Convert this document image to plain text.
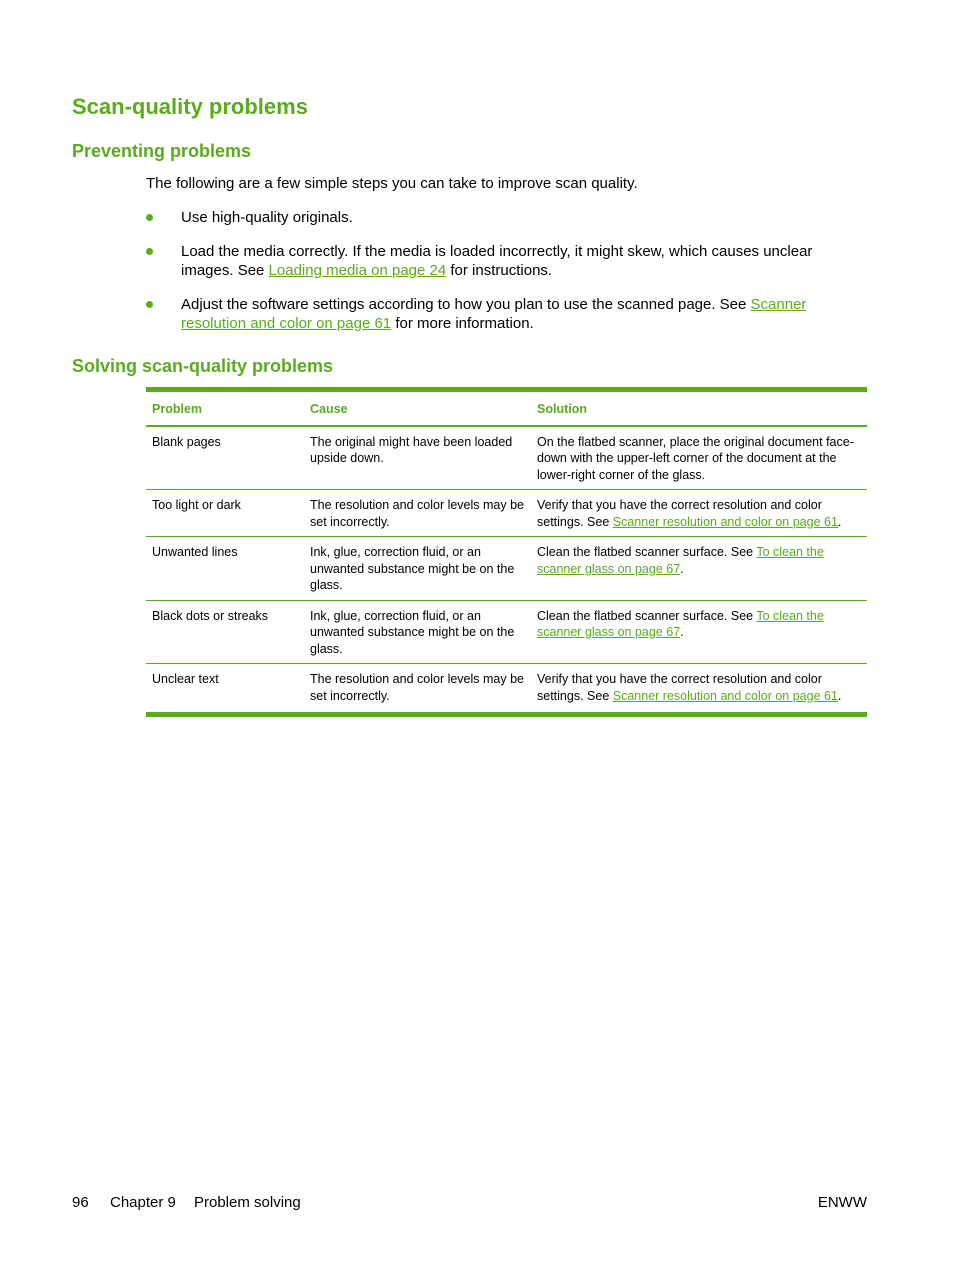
Scan-quality problems
Preventing problems

The following are a few simple steps you can take to improve scan quality.

Use high-quality originals.
Load the media correctly. If the media is loaded incorrectly, it might skew, which causes unclear images. See Loading media on page 24 for instructions.
Adjust the software settings according to how you plan to use the scanned page. See Scanner resolution and color on page 61 for more information.
Solving scan-quality problems
Problem	Cause	Solution
Blank pages	The original might have been loaded upside down.	On the flatbed scanner, place the original document face-down with the upper-left corner of the document at the lower-right corner of the glass.
Too light or dark	The resolution and color levels may be set incorrectly.	Verify that you have the correct resolution and color settings. See Scanner resolution and color on page 61.
Unwanted lines	Ink, glue, correction fluid, or an unwanted substance might be on the glass.	Clean the flatbed scanner surface. See To clean the scanner glass on page 67.
Black dots or streaks	Ink, glue, correction fluid, or an unwanted substance might be on the glass.	Clean the flatbed scanner surface. See To clean the scanner glass on page 67.
Unclear text	The resolution and color levels may be set incorrectly.	Verify that you have the correct resolution and color settings. See Scanner resolution and color on page 61.
96 Chapter 9 Problem solving	ENWW
